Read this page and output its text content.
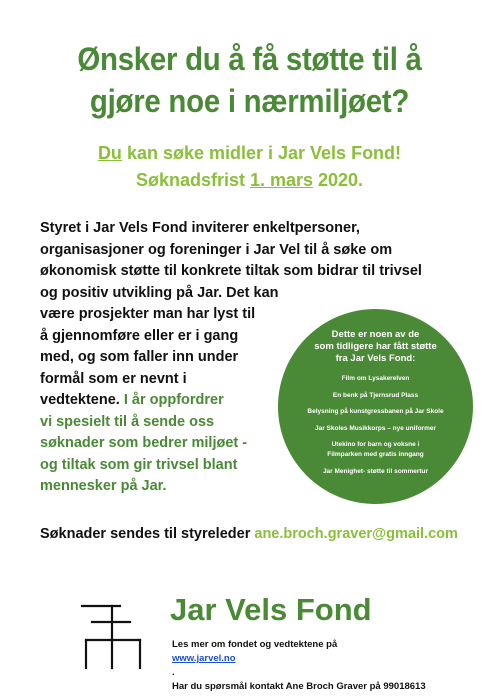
Ønsker du å få støtte til å
gjøre noe i nærmiljøet?

Du kan søke midler i Jar Vels Fond!
Søknadsfrist 1. mars 2020.

Styret i Jar Vels Fond inviterer enkeltpersoner,
organisasjoner og foreninger i Jar Vel til å søke om
økonomisk støtte til konkrete tiltak som bidrar til trivsel
og positiv utvikling på Jar. Det kan
være prosjekter man har lyst til
å gjennomføre eller er i gang
med, og som faller inn under
formål som er nevnt i
vedtektene. I år oppfordrer
vi spesielt til å sende oss
søknader som bedrer miljøet -
og tiltak som gir trivsel blant
mennesker på Jar.

Dette er noen av de
som tidligere har fått støtte
fra Jar Vels Fond:

Film om Lysakerelven
En benk på Tjernsrud Plass
Belysning på kunstgressbanen på Jar Skole
Jar Skoles Musikkorps – nye uniformer
Utekino for barn og voksne i
Filmparken med gratis inngang
Jar Menighet- støtte til sommertur

Søknader sendes til styreleder ane.broch.graver@gmail.com

Jar Vels Fond

Les mer om fondet og vedtektene på
www.jarvel.no
.
Har du spørsmål kontakt Ane Broch Graver på 99018613
